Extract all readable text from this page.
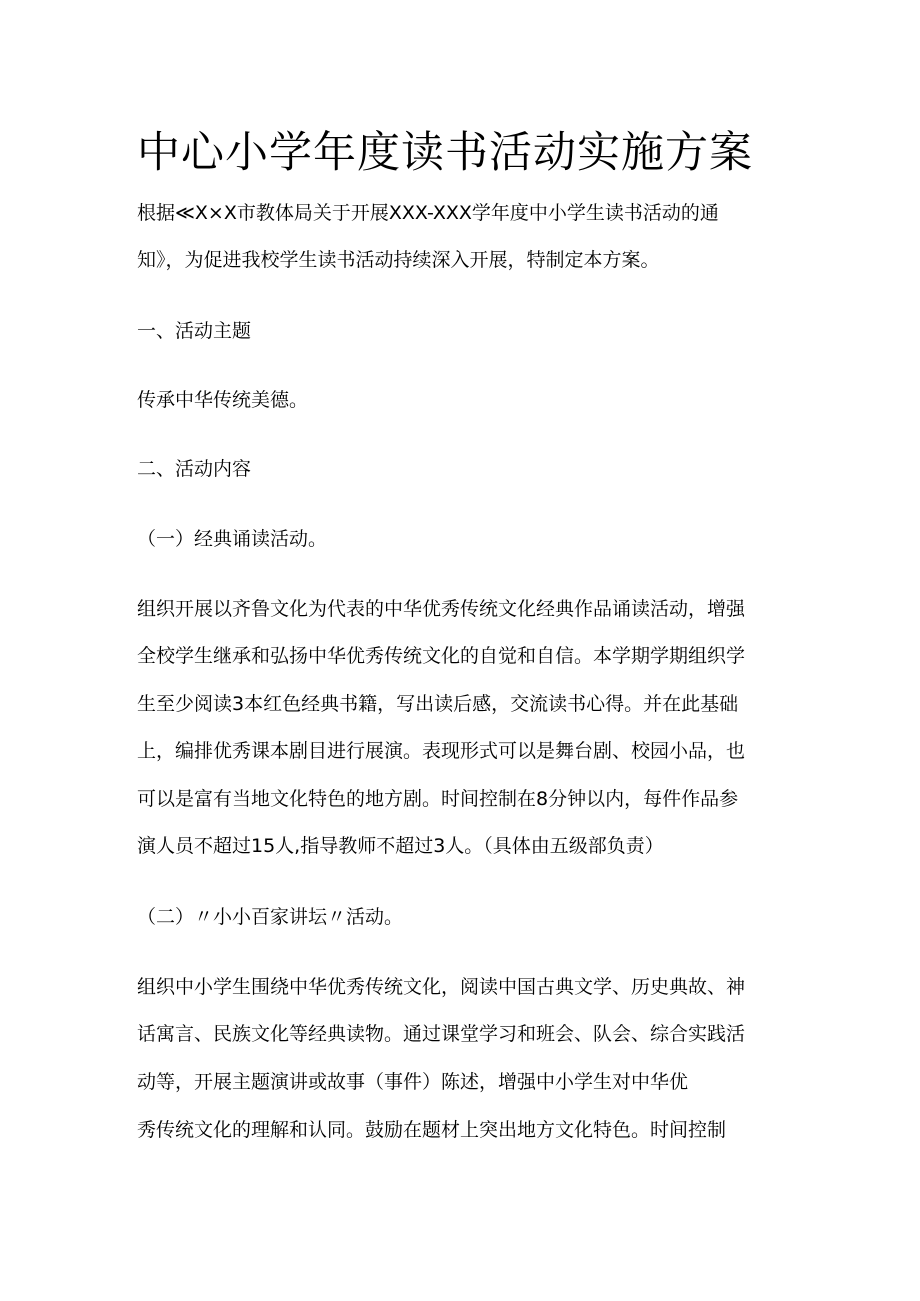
中心小学年度读书活动实施方案

根据≪X×X市教体局关于开展XXX-XXX学年度中小学生读书活动的通

知》，为促进我校学生读书活动持续深入开展，特制定本方案。

一、活动主题

传承中华传统美德。

二、活动内容

（一）经典诵读活动。

组织开展以齐鲁文化为代表的中华优秀传统文化经典作品诵读活动，增强

全校学生继承和弘扬中华优秀传统文化的自觉和自信。本学期学期组织学

生至少阅读3本红色经典书籍，写出读后感，交流读书心得。并在此基础

上，编排优秀课本剧目进行展演。表现形式可以是舞台剧、校园小品，也

可以是富有当地文化特色的地方剧。时间控制在8分钟以内，每件作品参

演人员不超过15人,指导教师不超过3人。（具体由五级部负责）

（二）〃小小百家讲坛〃活动。

组织中小学生围绕中华优秀传统文化，阅读中国古典文学、历史典故、神

话寓言、民族文化等经典读物。通过课堂学习和班会、队会、综合实践活

动等，开展主题演讲或故事（事件）陈述，增强中小学生对中华优

秀传统文化的理解和认同。鼓励在题材上突出地方文化特色。时间控制
